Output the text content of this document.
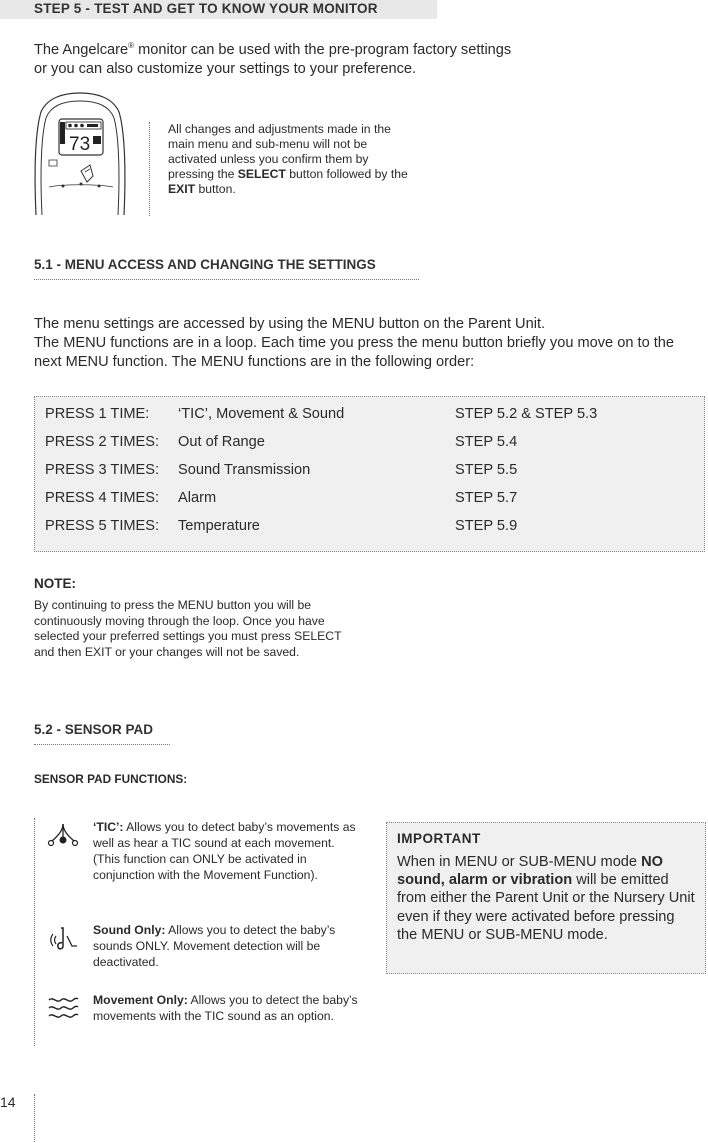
STEP 5 - TEST AND GET TO KNOW YOUR MONITOR

The Angelcare® monitor can be used with the pre-program factory settings

or you can also customize your settings to your preference.

73
All changes and adjustments made in the main menu and sub-menu will not be activated unless you confirm them by pressing the SELECT button followed by the EXIT button.
5.1 - MENU ACCESS AND CHANGING THE SETTINGS

The menu settings are accessed by using the MENU button on the Parent Unit.

The MENU functions are in a loop. Each time you press the menu button briefly you move on to the next MENU function. The MENU functions are in the following order:

PRESS 1 TIME: ‘TIC’, Movement & Sound	STEP 5.2 & STEP 5.3
PRESS 2 TIMES: Out of Range	STEP 5.4
PRESS 3 TIMES: Sound Transmission	STEP 5.5
PRESS 4 TIMES: Alarm	STEP 5.7
PRESS 5 TIMES: Temperature	STEP 5.9
NOTE:
By continuing to press the MENU button you will be continuously moving through the loop. Once you have selected your preferred settings you must press SELECT and then EXIT or your changes will not be saved.
5.2 - SENSOR PAD
SENSOR PAD FUNCTIONS:
‘TIC’: Allows you to detect baby’s movements as well as hear a TIC sound at each movement. (This function can ONLY be activated in conjunction with the Movement Function).
Sound Only: Allows you to detect the baby’s sounds ONLY. Movement detection will be deactivated.
Movement Only: Allows you to detect the baby’s movements with the TIC sound as an option.
IMPORTANT
When in MENU or SUB-MENU mode NO sound, alarm or vibration will be emitted from either the Parent Unit or the Nursery Unit even if they were activated before pressing the MENU or SUB-MENU mode.
14
